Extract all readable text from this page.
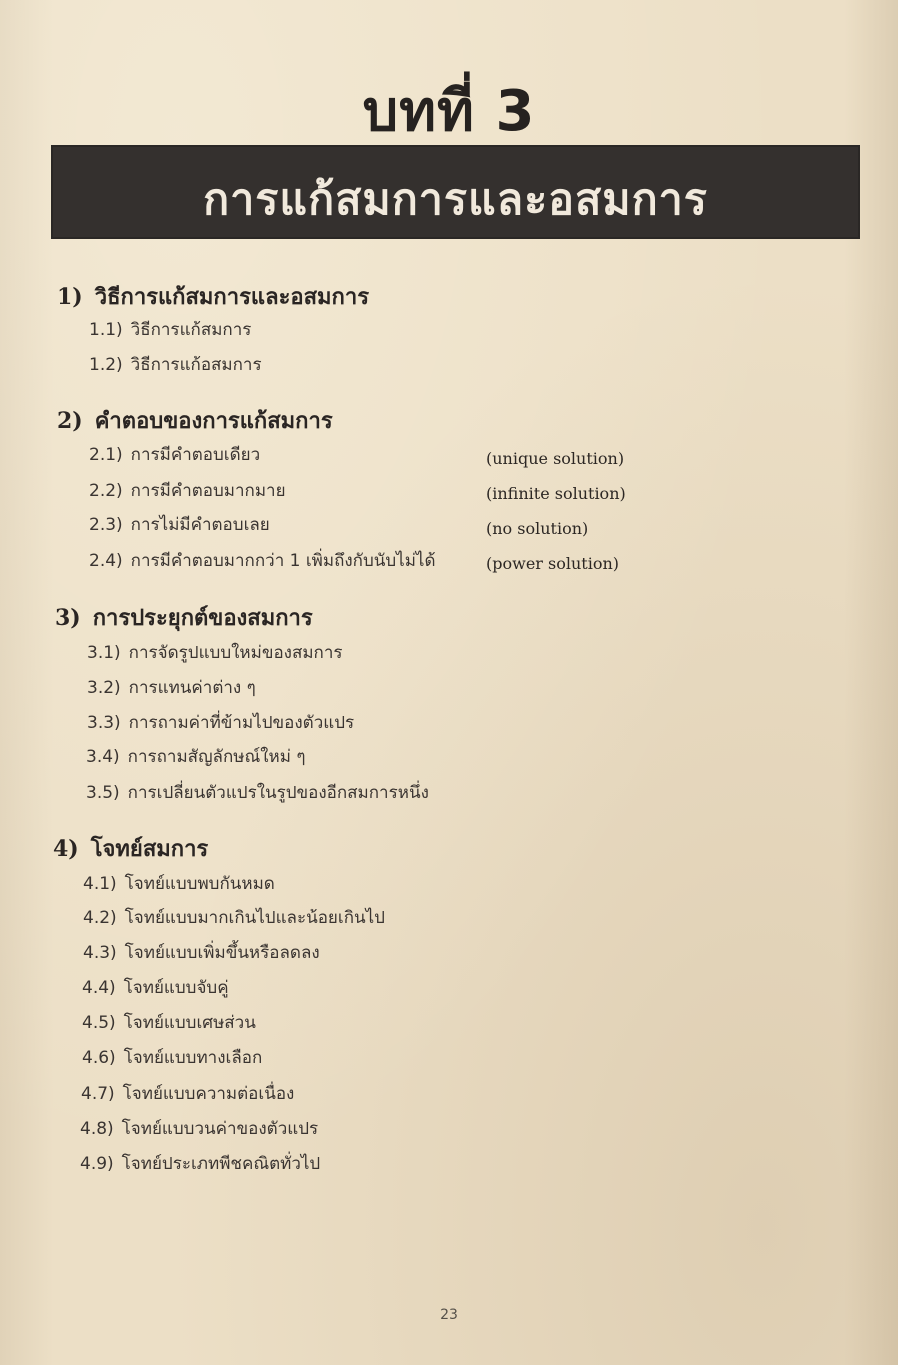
บทที่ 3
การแก้สมการและอสมการ

1) วิธีการแก้สมการและอสมการ

1.1) วิธีการแก้สมการ

1.2) วิธีการแก้อสมการ

2) คำตอบของการแก้สมการ

2.1) การมีคำตอบเดียว	(unique solution)

2.2) การมีคำตอบมากมาย	(infinite solution)

2.3) การไม่มีคำตอบเลย	(no solution)

2.4) การมีคำตอบมากกว่า 1 เพิ่มถึงกับนับไม่ได้	(power solution)

3) การประยุกต์ของสมการ

3.1) การจัดรูปแบบใหม่ของสมการ

3.2) การแทนค่าต่าง ๆ

3.3) การถามค่าที่ข้ามไปของตัวแปร

3.4) การถามสัญลักษณ์ใหม่ ๆ

3.5) การเปลี่ยนตัวแปรในรูปของอีกสมการหนึ่ง

4) โจทย์สมการ

4.1) โจทย์แบบพบกันหมด

4.2) โจทย์แบบมากเกินไปและน้อยเกินไป

4.3) โจทย์แบบเพิ่มขึ้นหรือลดลง

4.4) โจทย์แบบจับคู่

4.5) โจทย์แบบเศษส่วน

4.6) โจทย์แบบทางเลือก

4.7) โจทย์แบบความต่อเนื่อง

4.8) โจทย์แบบวนค่าของตัวแปร

4.9) โจทย์ประเภทพีชคณิตทั่วไป

23
